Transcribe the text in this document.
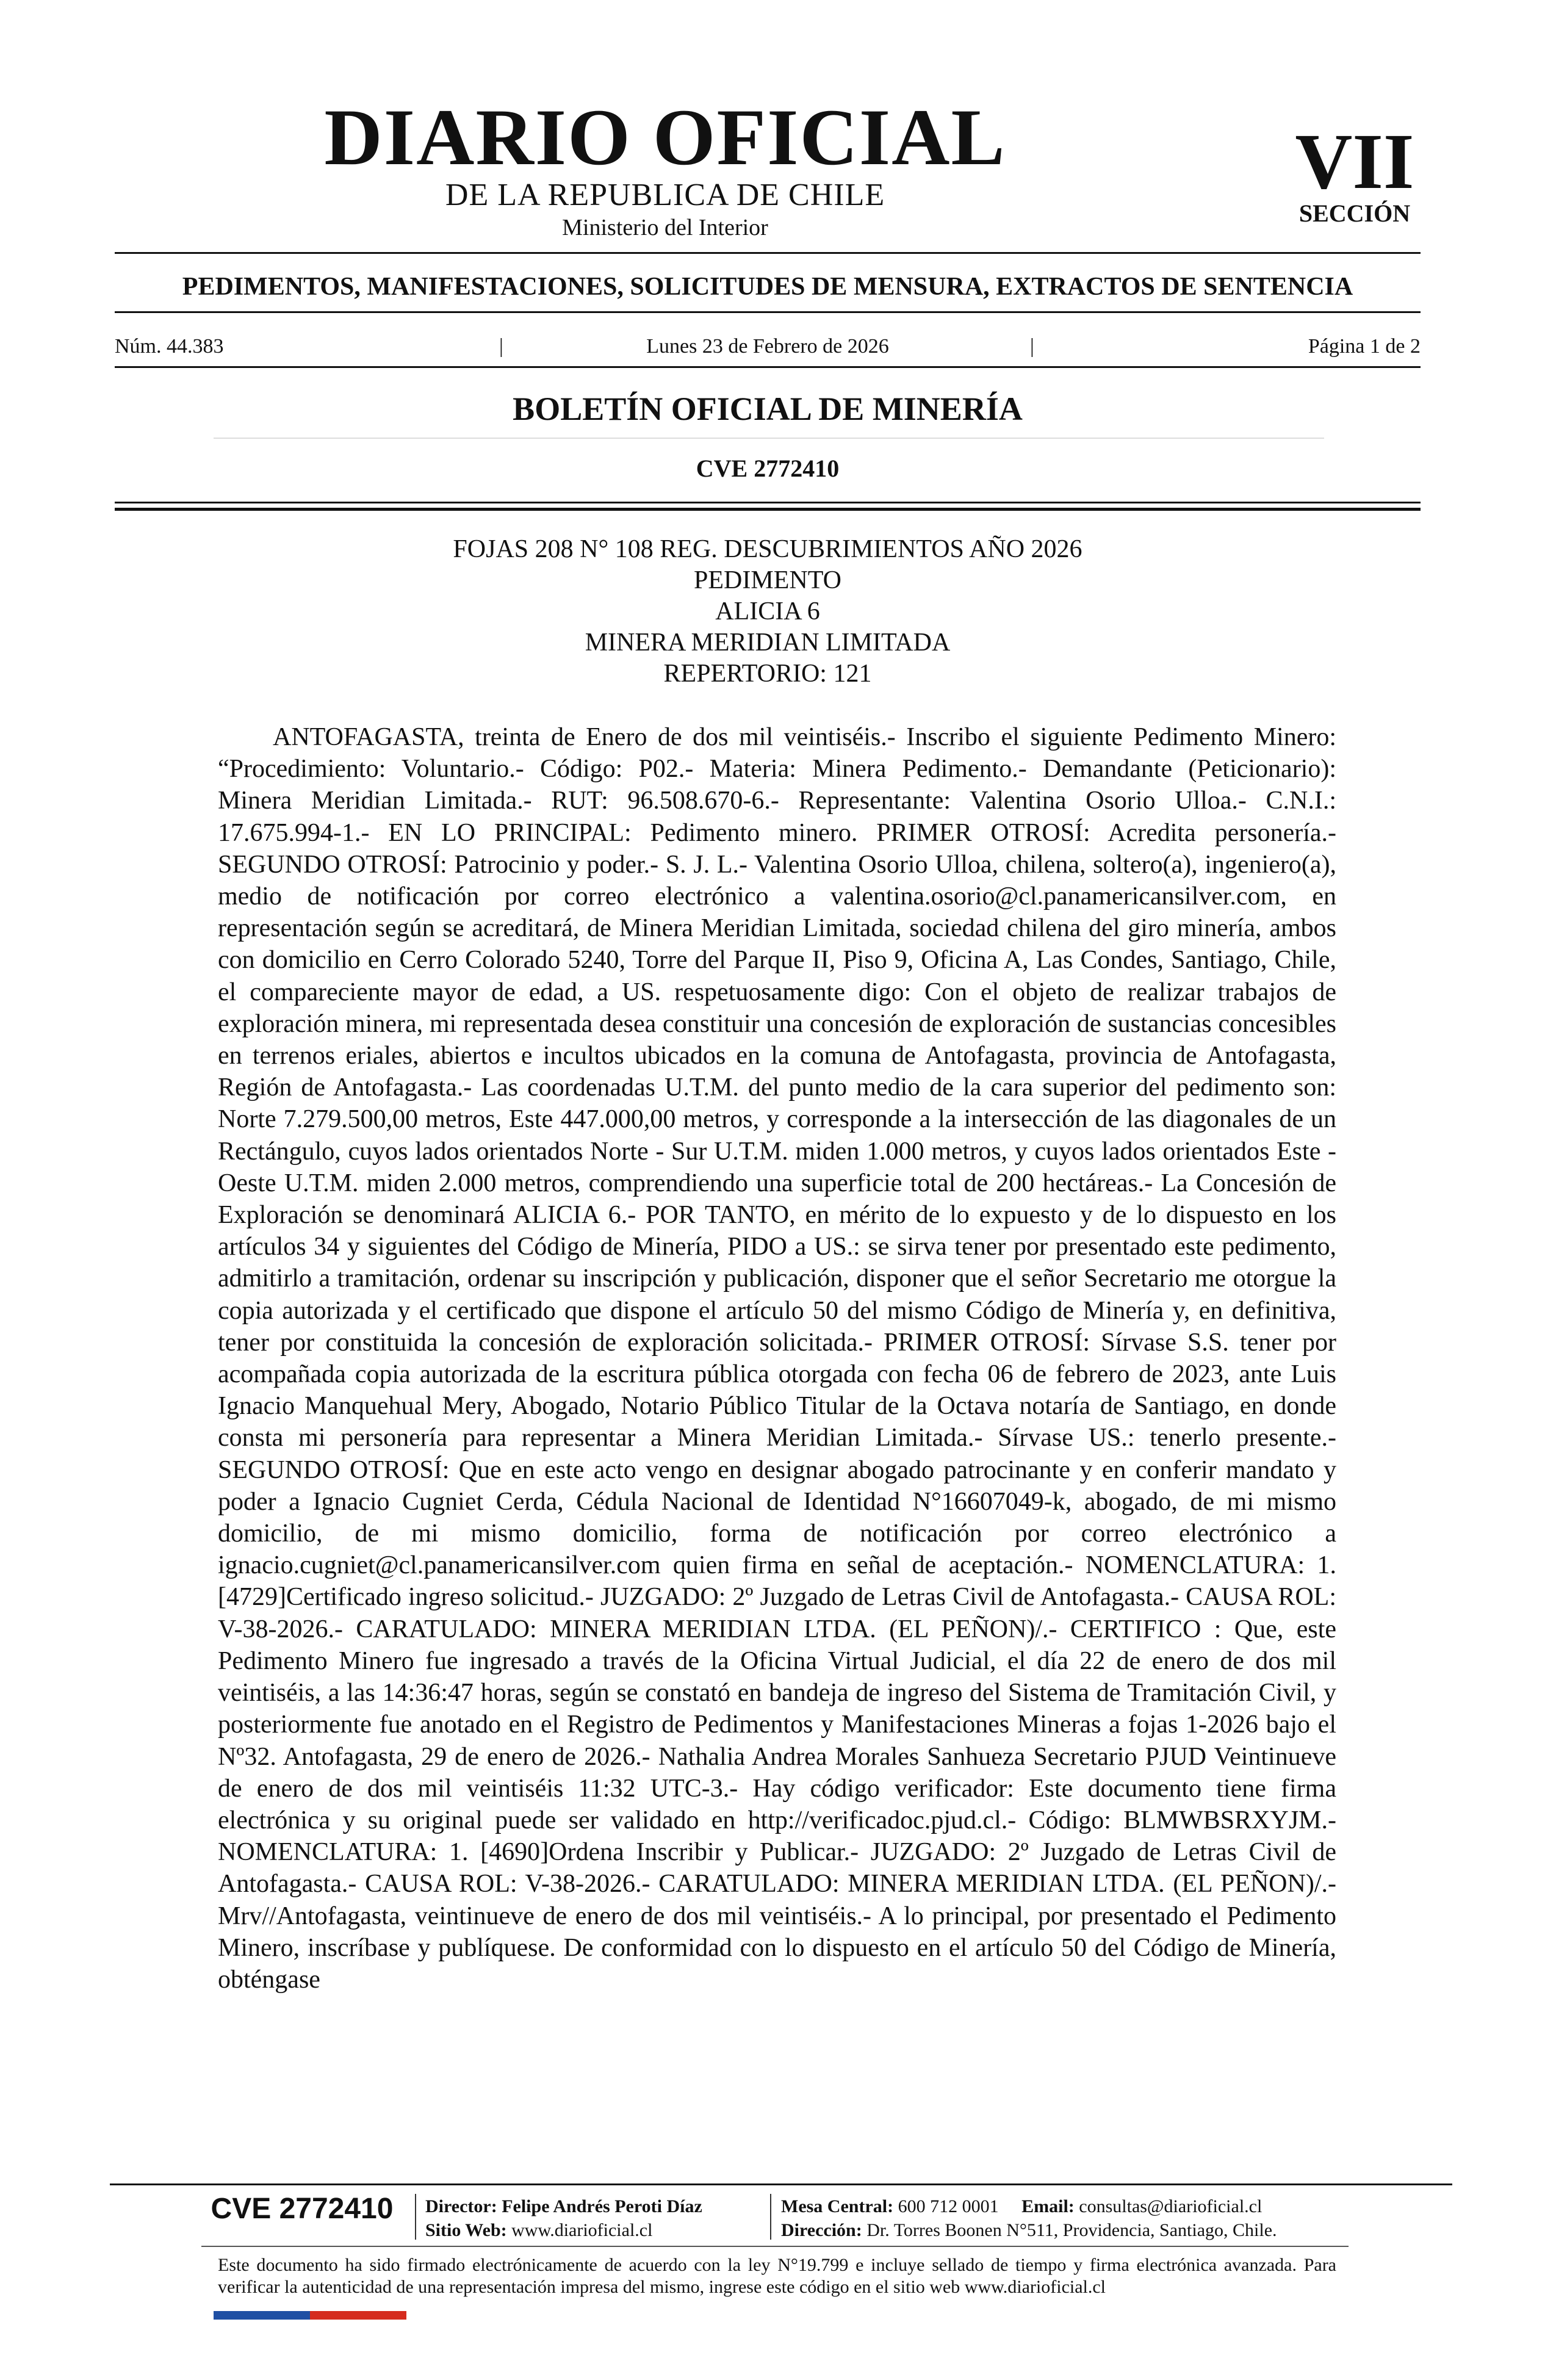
DIARIO OFICIAL
DE LA REPUBLICA DE CHILE
Ministerio del Interior
VII
SECCIÓN
PEDIMENTOS, MANIFESTACIONES, SOLICITUDES DE MENSURA, EXTRACTOS DE SENTENCIA
Núm. 44.383	|	Lunes 23 de Febrero de 2026	|	Página 1 de 2
BOLETÍN OFICIAL DE MINERÍA
CVE 2772410
FOJAS 208 N° 108 REG. DESCUBRIMIENTOS AÑO 2026
PEDIMENTO
ALICIA 6
MINERA MERIDIAN LIMITADA
REPERTORIO: 121
ANTOFAGASTA, treinta de Enero de dos mil veintiséis.- Inscribo el siguiente Pedimento Minero: “Procedimiento: Voluntario.- Código: P02.- Materia: Minera Pedimento.- Demandante (Peticionario): Minera Meridian Limitada.- RUT: 96.508.670-6.- Representante: Valentina Osorio Ulloa.- C.N.I.: 17.675.994-1.- EN LO PRINCIPAL: Pedimento minero. PRIMER OTROSÍ: Acredita personería.- SEGUNDO OTROSÍ: Patrocinio y poder.- S. J. L.- Valentina Osorio Ulloa, chilena, soltero(a), ingeniero(a), medio de notificación por correo electrónico a valentina.osorio@cl.panamericansilver.com, en representación según se acreditará, de Minera Meridian Limitada, sociedad chilena del giro minería, ambos con domicilio en Cerro Colorado 5240, Torre del Parque II, Piso 9, Oficina A, Las Condes, Santiago, Chile, el compareciente mayor de edad, a US. respetuosamente digo: Con el objeto de realizar trabajos de exploración minera, mi representada desea constituir una concesión de exploración de sustancias concesibles en terrenos eriales, abiertos e incultos ubicados en la comuna de Antofagasta, provincia de Antofagasta, Región de Antofagasta.- Las coordenadas U.T.M. del punto medio de la cara superior del pedimento son: Norte 7.279.500,00 metros, Este 447.000,00 metros, y corresponde a la intersección de las diagonales de un Rectángulo, cuyos lados orientados Norte - Sur U.T.M. miden 1.000 metros, y cuyos lados orientados Este - Oeste U.T.M. miden 2.000 metros, comprendiendo una superficie total de 200 hectáreas.- La Concesión de Exploración se denominará ALICIA 6.- POR TANTO, en mérito de lo expuesto y de lo dispuesto en los artículos 34 y siguientes del Código de Minería, PIDO a US.: se sirva tener por presentado este pedimento, admitirlo a tramitación, ordenar su inscripción y publicación, disponer que el señor Secretario me otorgue la copia autorizada y el certificado que dispone el artículo 50 del mismo Código de Minería y, en definitiva, tener por constituida la concesión de exploración solicitada.- PRIMER OTROSÍ: Sírvase S.S. tener por acompañada copia autorizada de la escritura pública otorgada con fecha 06 de febrero de 2023, ante Luis Ignacio Manquehual Mery, Abogado, Notario Público Titular de la Octava notaría de Santiago, en donde consta mi personería para representar a Minera Meridian Limitada.- Sírvase US.: tenerlo presente.- SEGUNDO OTROSÍ: Que en este acto vengo en designar abogado patrocinante y en conferir mandato y poder a Ignacio Cugniet Cerda, Cédula Nacional de Identidad N°16607049-k, abogado, de mi mismo domicilio, de mi mismo domicilio, forma de notificación por correo electrónico a ignacio.cugniet@cl.panamericansilver.com quien firma en señal de aceptación.- NOMENCLATURA: 1. [4729]Certificado ingreso solicitud.- JUZGADO: 2º Juzgado de Letras Civil de Antofagasta.- CAUSA ROL: V-38-2026.- CARATULADO: MINERA MERIDIAN LTDA. (EL PEÑON)/.- CERTIFICO : Que, este Pedimento Minero fue ingresado a través de la Oficina Virtual Judicial, el día 22 de enero de dos mil veintiséis, a las 14:36:47 horas, según se constató en bandeja de ingreso del Sistema de Tramitación Civil, y posteriormente fue anotado en el Registro de Pedimentos y Manifestaciones Mineras a fojas 1-2026 bajo el Nº32. Antofagasta, 29 de enero de 2026.- Nathalia Andrea Morales Sanhueza Secretario PJUD Veintinueve de enero de dos mil veintiséis 11:32 UTC-3.- Hay código verificador: Este documento tiene firma electrónica y su original puede ser validado en http://verificadoc.pjud.cl.- Código: BLMWBSRXYJM.- NOMENCLATURA: 1. [4690]Ordena Inscribir y Publicar.- JUZGADO: 2º Juzgado de Letras Civil de Antofagasta.- CAUSA ROL: V-38-2026.- CARATULADO: MINERA MERIDIAN LTDA. (EL PEÑON)/.- Mrv//Antofagasta, veintinueve de enero de dos mil veintiséis.- A lo principal, por presentado el Pedimento Minero, inscríbase y publíquese. De conformidad con lo dispuesto en el artículo 50 del Código de Minería, obténgase
CVE 2772410	Director: Felipe Andrés Peroti Díaz
Sitio Web: www.diarioficial.cl
Mesa Central: 600 712 0001 Email: consultas@diarioficial.cl
Dirección: Dr. Torres Boonen N°511, Providencia, Santiago, Chile.
Este documento ha sido firmado electrónicamente de acuerdo con la ley N°19.799 e incluye sellado de tiempo y firma electrónica avanzada. Para verificar la autenticidad de una representación impresa del mismo, ingrese este código en el sitio web www.diarioficial.cl
